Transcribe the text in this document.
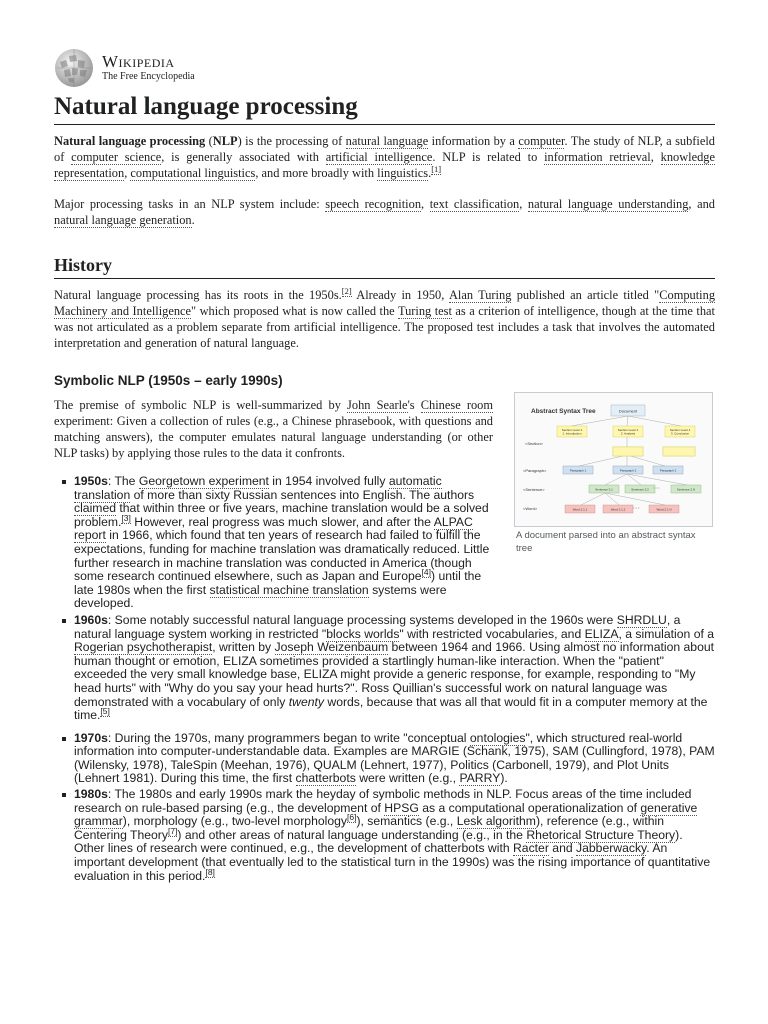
Wikipedia
The Free Encyclopedia
Natural language processing

Natural language processing (NLP) is the processing of natural language information by a computer. The study of NLP, a subfield of computer science, is generally associated with artificial intelligence. NLP is related to information retrieval, knowledge representation, computational linguistics, and more broadly with linguistics.[1]

Major processing tasks in an NLP system include: speech recognition, text classification, natural language understanding, and natural language generation.

History

Natural language processing has its roots in the 1950s.[2] Already in 1950, Alan Turing published an article titled "Computing Machinery and Intelligence" which proposed what is now called the Turing test as a criterion of intelligence, though at the time that was not articulated as a problem separate from artificial intelligence. The proposed test includes a task that involves the automated interpretation and generation of natural language.

Symbolic NLP (1950s – early 1990s)

The premise of symbolic NLP is well-summarized by John Searle's Chinese room experiment: Given a collection of rules (e.g., a Chinese phrasebook, with questions and matching answers), the computer emulates natural language understanding (or other NLP tasks) by applying those rules to the data it confronts.

1950s: The Georgetown experiment in 1954 involved fully automatic translation of more than sixty Russian sentences into English. The authors claimed that within three or five years, machine translation would be a solved problem.[3] However, real progress was much slower, and after the ALPAC report in 1966, which found that ten years of research had failed to fulfill the expectations, funding for machine translation was dramatically reduced. Little further research in machine translation was conducted in America (though some research continued elsewhere, such as Japan and Europe[4]) until the late 1980s when the first statistical machine translation systems were developed.
1960s: Some notably successful natural language processing systems developed in the 1960s were SHRDLU, a natural language system working in restricted "blocks worlds" with restricted vocabularies, and ELIZA, a simulation of a Rogerian psychotherapist, written by Joseph Weizenbaum between 1964 and 1966. Using almost no information about human thought or emotion, ELIZA sometimes provided a startlingly human-like interaction. When the "patient" exceeded the very small knowledge base, ELIZA might provide a generic response, for example, responding to "My head hurts" with "Why do you say your head hurts?". Ross Quillian's successful work on natural language was demonstrated with a vocabulary of only twenty words, because that was all that would fit in a computer memory at the time.[5]
1970s: During the 1970s, many programmers began to write "conceptual ontologies", which structured real-world information into computer-understandable data. Examples are MARGIE (Schank, 1975), SAM (Cullingford, 1978), PAM (Wilensky, 1978), TaleSpin (Meehan, 1976), QUALM (Lehnert, 1977), Politics (Carbonell, 1979), and Plot Units (Lehnert 1981). During this time, the first chatterbots were written (e.g., PARRY).
1980s: The 1980s and early 1990s mark the heyday of symbolic methods in NLP. Focus areas of the time included research on rule-based parsing (e.g., the development of HPSG as a computational operationalization of generative grammar), morphology (e.g., two-level morphology[6]), semantics (e.g., Lesk algorithm), reference (e.g., within Centering Theory[7]) and other areas of natural language understanding (e.g., in the Rhetorical Structure Theory). Other lines of research were continued, e.g., the development of chatterbots with Racter and Jabberwacky. An important development (that eventually led to the statistical turn in the 1990s) was the rising importance of quantitative evaluation in this period.[8]
Abstract Syntax Tree	Document
<Section>
<Paragraph>
<Sentence>
<Word>
Section Level 1
1. Introduction
Section Level 1
2. Analysis
Section Level 1
3. Conclusion
Paragraph 1	Paragraph 2	Paragraph 2
Sentence 2.1	Sentence 2.2	Sentence 2.N
Word 2.1.1	Word 2.1.2	Word 2.1.N
• • •
• • •
A document parsed into an abstract syntax tree
